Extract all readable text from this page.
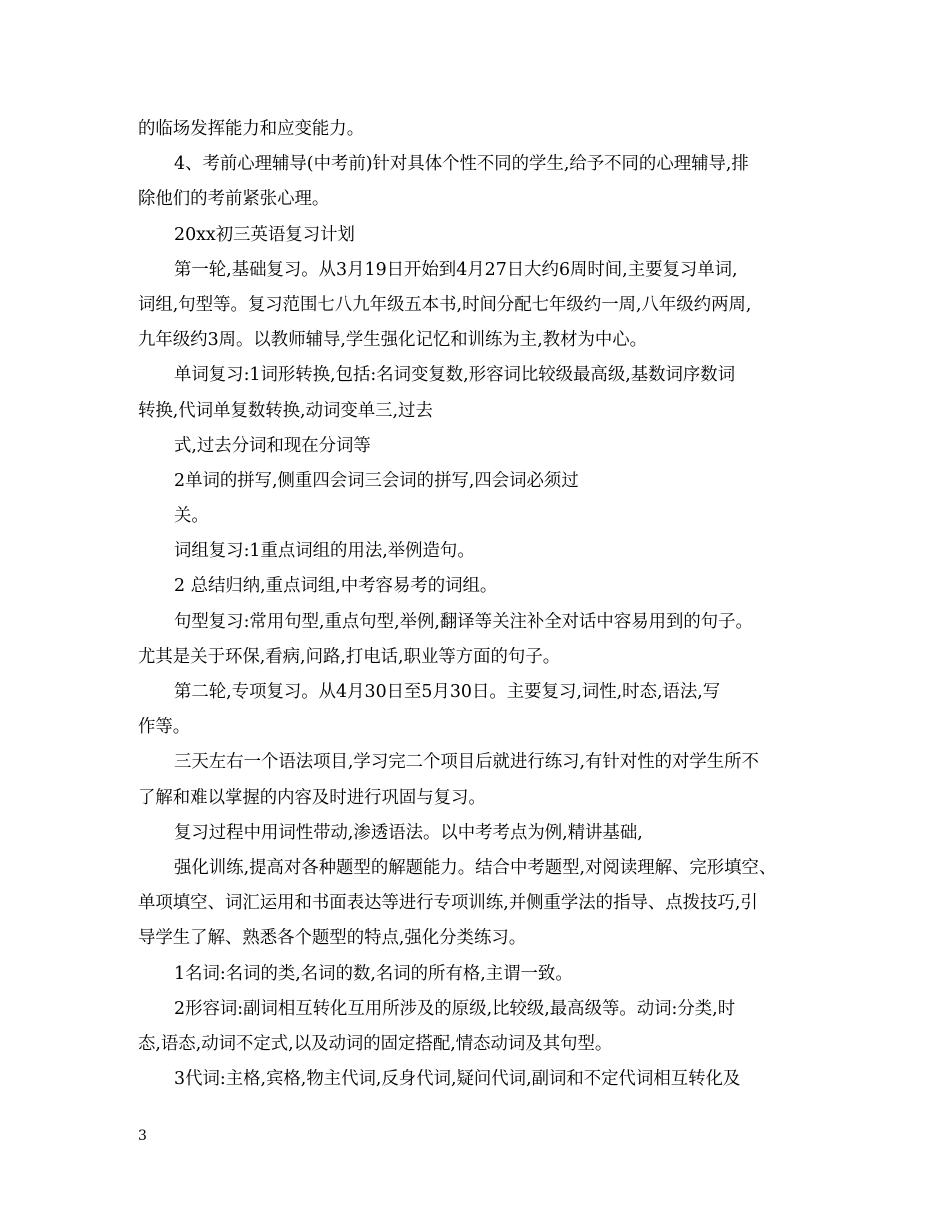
的临场发挥能力和应变能力。
4、考前心理辅导(中考前)针对具体个性不同的学生,给予不同的心理辅导,排
除他们的考前紧张心理。
20xx初三英语复习计划
第一轮,基础复习。从3月19日开始到4月27日大约6周时间,主要复习单词,
词组,句型等。复习范围七八九年级五本书,时间分配七年级约一周,八年级约两周,
九年级约3周。以教师辅导,学生强化记忆和训练为主,教材为中心。
单词复习:1词形转换,包括:名词变复数,形容词比较级最高级,基数词序数词
转换,代词单复数转换,动词变单三,过去
式,过去分词和现在分词等
2单词的拼写,侧重四会词三会词的拼写,四会词必须过
关。
词组复习:1重点词组的用法,举例造句。
2 总结归纳,重点词组,中考容易考的词组。
句型复习:常用句型,重点句型,举例,翻译等关注补全对话中容易用到的句子。
尤其是关于环保,看病,问路,打电话,职业等方面的句子。
第二轮,专项复习。从4月30日至5月30日。主要复习,词性,时态,语法,写
作等。
三天左右一个语法项目,学习完二个项目后就进行练习,有针对性的对学生所不
了解和难以掌握的内容及时进行巩固与复习。
复习过程中用词性带动,渗透语法。以中考考点为例,精讲基础,
强化训练,提高对各种题型的解题能力。结合中考题型,对阅读理解、完形填空、
单项填空、词汇运用和书面表达等进行专项训练,并侧重学法的指导、点拨技巧,引
导学生了解、熟悉各个题型的特点,强化分类练习。
1名词:名词的类,名词的数,名词的所有格,主谓一致。
2形容词:副词相互转化互用所涉及的原级,比较级,最高级等。动词:分类,时
态,语态,动词不定式,以及动词的固定搭配,情态动词及其句型。
3代词:主格,宾格,物主代词,反身代词,疑问代词,副词和不定代词相互转化及
3
